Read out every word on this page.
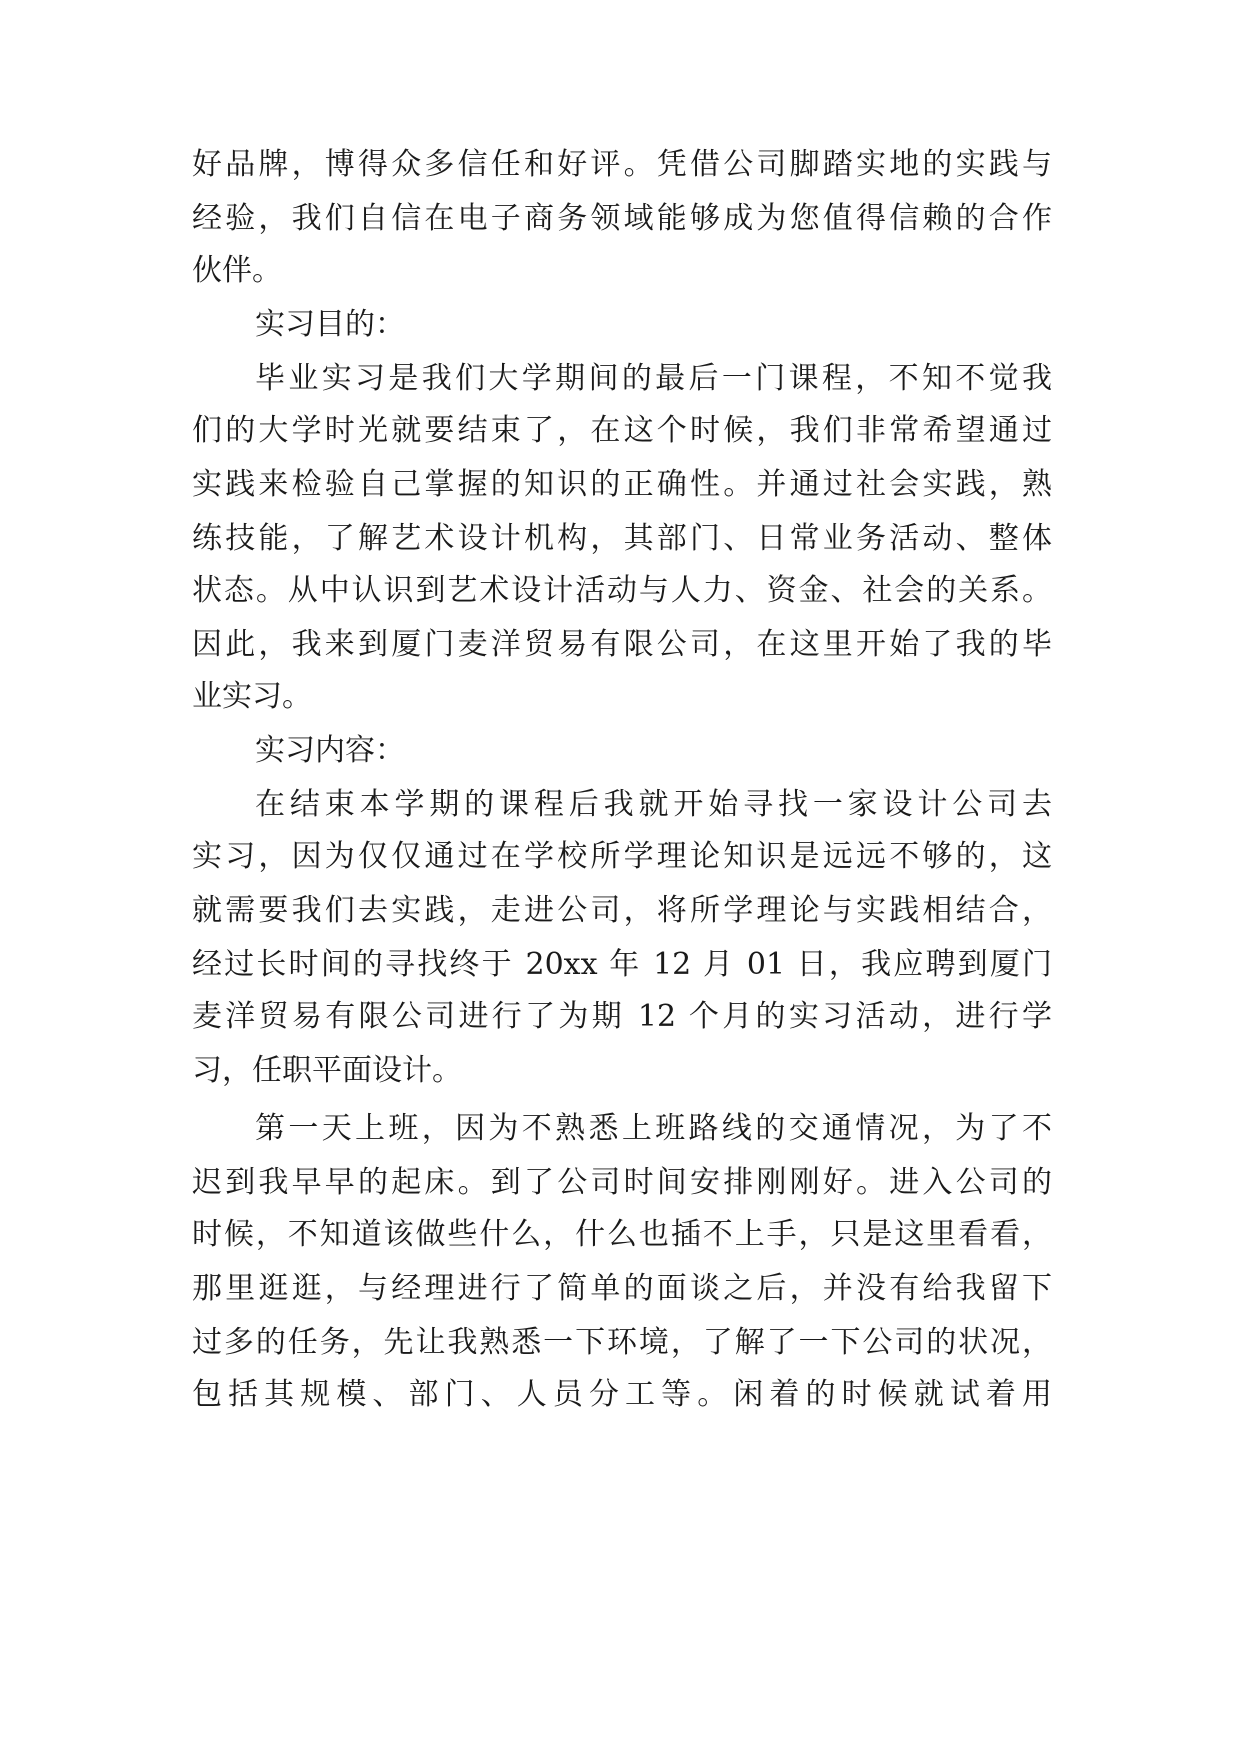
好品牌，博得众多信任和好评。凭借公司脚踏实地的实践与
经验，我们自信在电子商务领域能够成为您值得信赖的合作
伙伴。
实习目的：
毕业实习是我们大学期间的最后一门课程，不知不觉我
们的大学时光就要结束了，在这个时候，我们非常希望通过
实践来检验自己掌握的知识的正确性。并通过社会实践，熟
练技能，了解艺术设计机构，其部门、日常业务活动、整体
状态。从中认识到艺术设计活动与人力、资金、社会的关系。
因此，我来到厦门麦洋贸易有限公司，在这里开始了我的毕
业实习。
实习内容：
在结束本学期的课程后我就开始寻找一家设计公司去
实习，因为仅仅通过在学校所学理论知识是远远不够的，这
就需要我们去实践，走进公司，将所学理论与实践相结合，
经过长时间的寻找终于 20xx 年 12 月 01 日，我应聘到厦门
麦洋贸易有限公司进行了为期 12 个月的实习活动，进行学
习，任职平面设计。
第一天上班，因为不熟悉上班路线的交通情况，为了不
迟到我早早的起床。到了公司时间安排刚刚好。进入公司的
时候，不知道该做些什么，什么也插不上手，只是这里看看，
那里逛逛，与经理进行了简单的面谈之后，并没有给我留下
过多的任务，先让我熟悉一下环境，了解了一下公司的状况，
包括其规模、部门、人员分工等。闲着的时候就试着用
